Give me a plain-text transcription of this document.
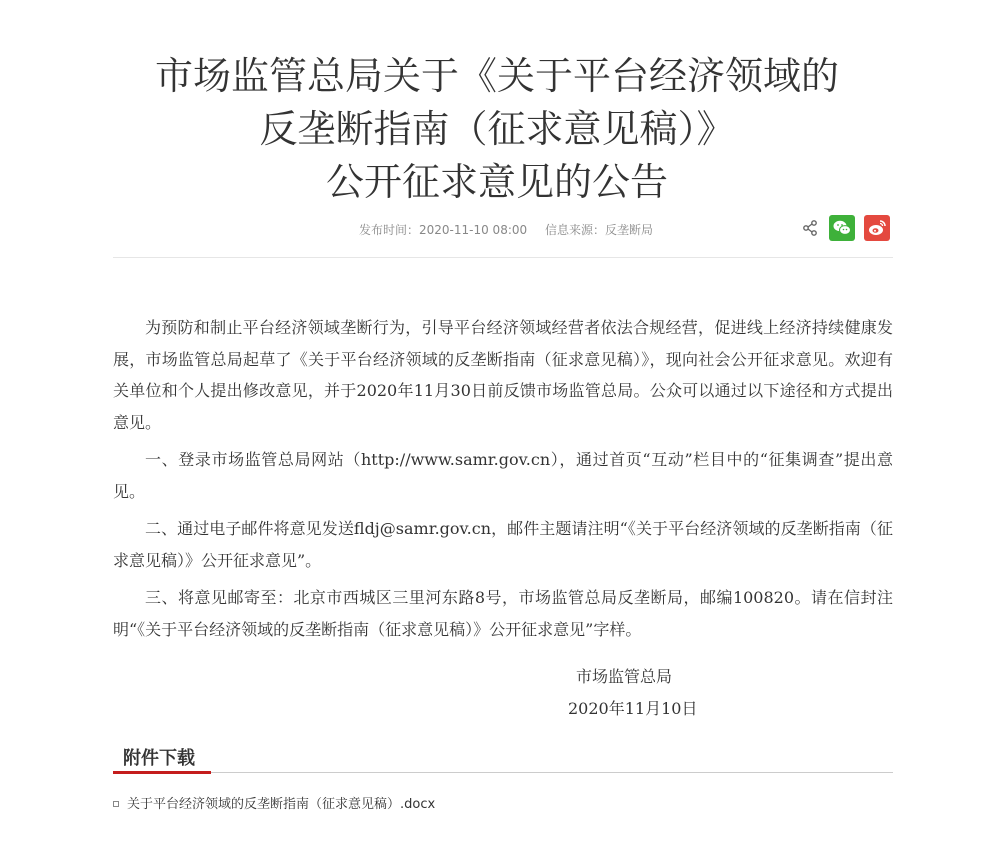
市场监管总局关于《关于平台经济领域的
反垄断指南（征求意见稿）》
公开征求意见的公告
发布时间：2020-11-10 08:00 信息来源：反垄断局

为预防和制止平台经济领域垄断行为，引导平台经济领域经营者依法合规经营，促进线上经济持续健康发展，市场监管总局起草了《关于平台经济领域的反垄断指南（征求意见稿）》，现向社会公开征求意见。欢迎有关单位和个人提出修改意见，并于2020年11月30日前反馈市场监管总局。公众可以通过以下途径和方式提出意见。

一、登录市场监管总局网站（http://www.samr.gov.cn），通过首页“互动”栏目中的“征集调查”提出意见。

二、通过电子邮件将意见发送fldj@samr.gov.cn，邮件主题请注明“《关于平台经济领域的反垄断指南（征求意见稿）》公开征求意见”。

三、将意见邮寄至：北京市西城区三里河东路8号，市场监管总局反垄断局，邮编100820。请在信封注明“《关于平台经济领域的反垄断指南（征求意见稿）》公开征求意见”字样。

市场监管总局
2020年11月10日
附件下载
关于平台经济领域的反垄断指南（征求意见稿）.docx
